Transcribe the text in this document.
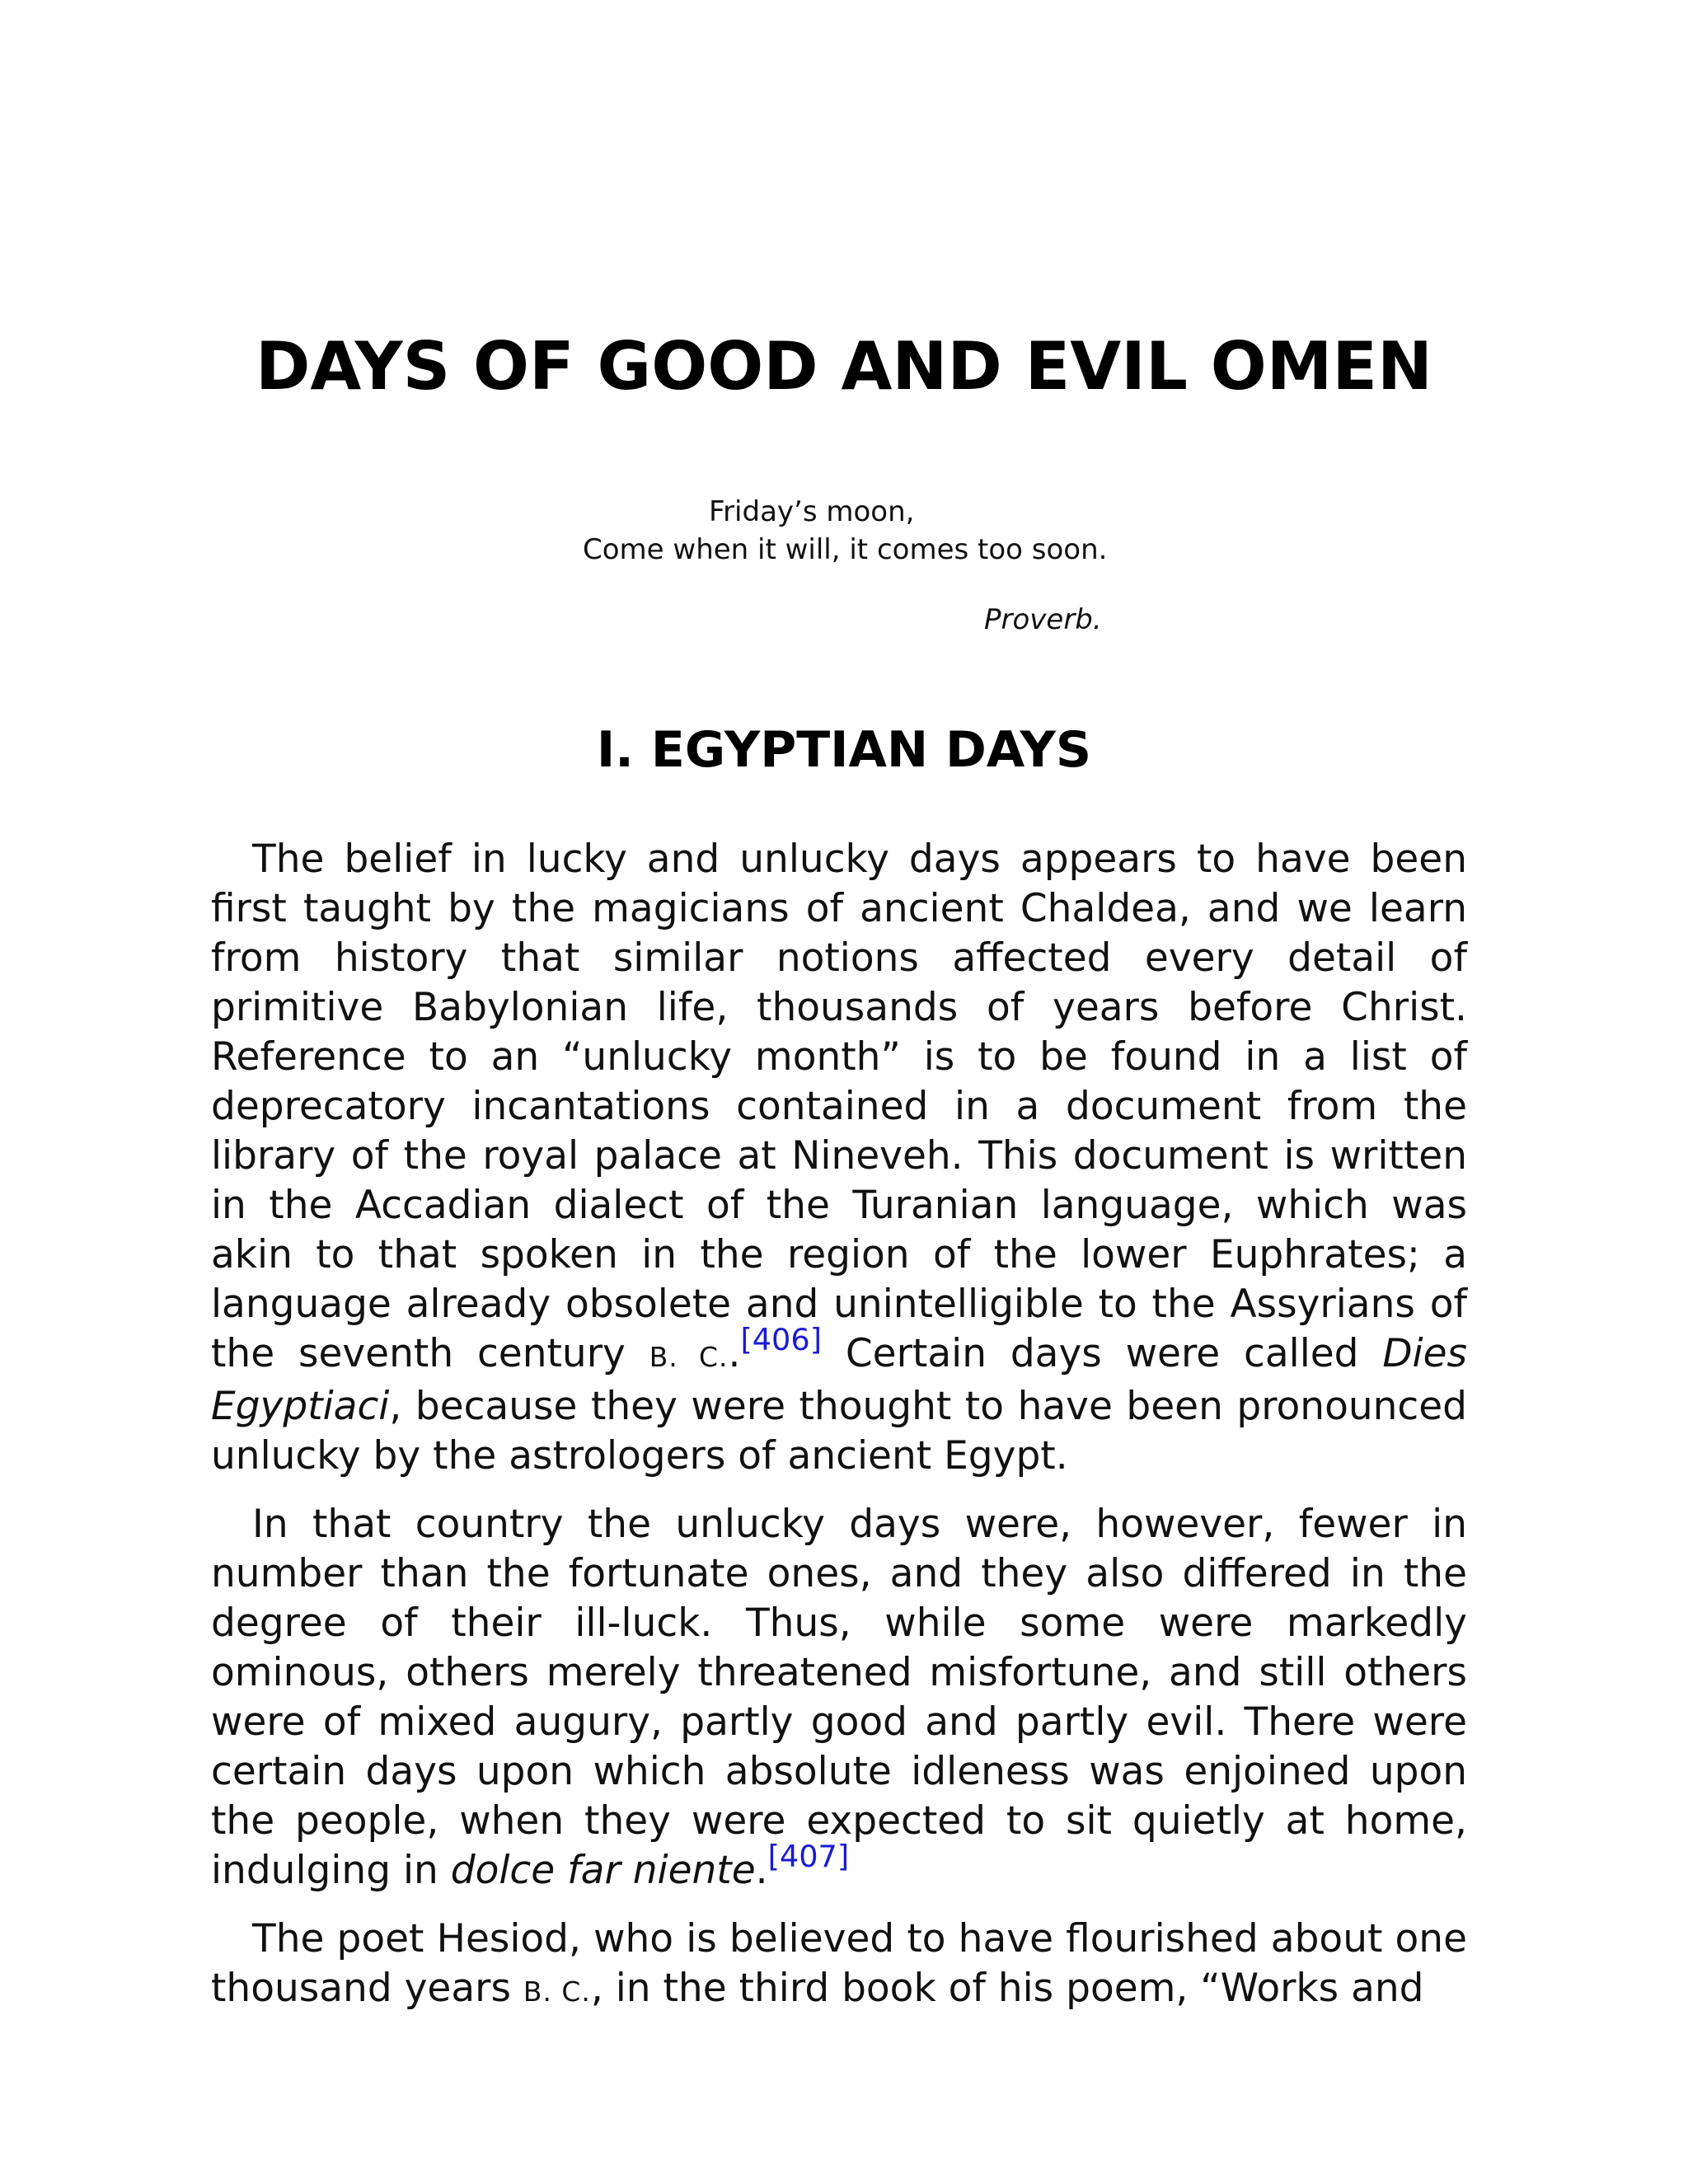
DAYS OF GOOD AND EVIL OMEN
Friday’s moon,
Come when it will, it comes too soon.
Proverb.
I. EGYPTIAN DAYS

The belief in lucky and unlucky days appears to have been first taught by the magicians of ancient Chaldea, and we learn from history that similar notions affected every detail of primitive Babylonian life, thousands of years before Christ. Reference to an “unlucky month” is to be found in a list of deprecatory incantations contained in a document from the library of the royal palace at Nineveh. This document is written in the Accadian dialect of the Turanian language, which was akin to that spoken in the region of the lower Euphrates; a language already obsolete and unintelligible to the Assyrians of the seventh century B. C..[406] Certain days were called Dies Egyptiaci, because they were thought to have been pronounced unlucky by the astrologers of ancient Egypt.

In that country the unlucky days were, however, fewer in number than the fortunate ones, and they also differed in the degree of their ill-luck. Thus, while some were markedly ominous, others merely threatened misfortune, and still others were of mixed augury, partly good and partly evil. There were certain days upon which absolute idleness was enjoined upon the people, when they were expected to sit quietly at home, indulging in dolce far niente.[407]

The poet Hesiod, who is believed to have flourished about one thousand years B. C., in the third book of his poem, “Works and
